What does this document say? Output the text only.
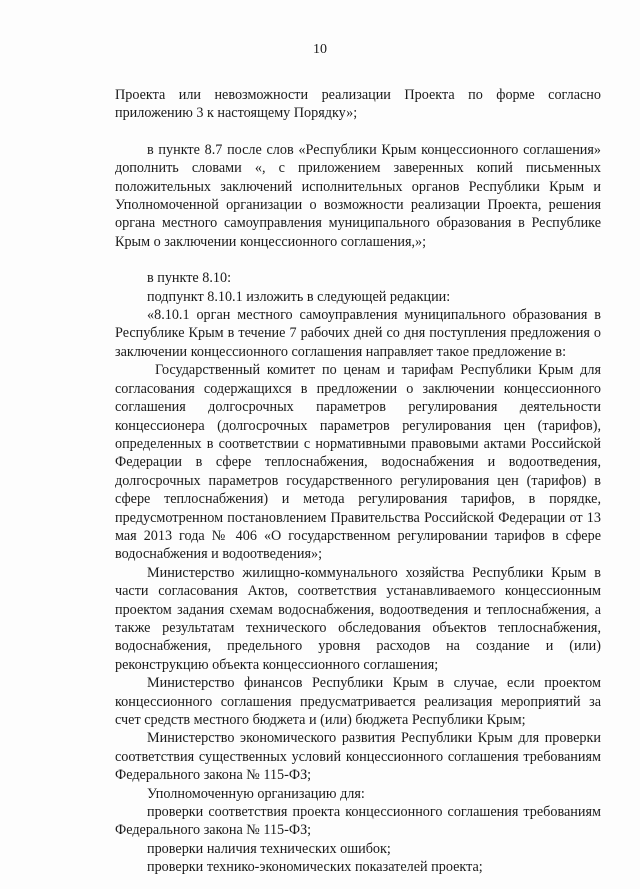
10

Проекта или невозможности реализации Проекта по форме согласно приложению 3 к настоящему Порядку»;

в пункте 8.7 после слов «Республики Крым концессионного соглашения» дополнить словами «, с приложением заверенных копий письменных положительных заключений исполнительных органов Республики Крым и Уполномоченной организации о возможности реализации Проекта, решения органа местного самоуправления муниципального образования в Республике Крым о заключении концессионного соглашения,»;

в пункте 8.10:

подпункт 8.10.1 изложить в следующей редакции:

«8.10.1 орган местного самоуправления муниципального образования в Республике Крым в течение 7 рабочих дней со дня поступления предложения о заключении концессионного соглашения направляет такое предложение в:

Государственный комитет по ценам и тарифам Республики Крым для согласования содержащихся в предложении о заключении концессионного соглашения долгосрочных параметров регулирования деятельности концессионера (долгосрочных параметров регулирования цен (тарифов), определенных в соответствии с нормативными правовыми актами Российской Федерации в сфере теплоснабжения, водоснабжения и водоотведения, долгосрочных параметров государственного регулирования цен (тарифов) в сфере теплоснабжения) и метода регулирования тарифов, в порядке, предусмотренном постановлением Правительства Российской Федерации от 13 мая 2013 года № 406 «О государственном регулировании тарифов в сфере водоснабжения и водоотведения»;

Министерство жилищно-коммунального хозяйства Республики Крым в части согласования Актов, соответствия устанавливаемого концессионным проектом задания схемам водоснабжения, водоотведения и теплоснабжения, а также результатам технического обследования объектов теплоснабжения, водоснабжения, предельного уровня расходов на создание и (или) реконструкцию объекта концессионного соглашения;

Министерство финансов Республики Крым в случае, если проектом концессионного соглашения предусматривается реализация мероприятий за счет средств местного бюджета и (или) бюджета Республики Крым;

Министерство экономического развития Республики Крым для проверки соответствия существенных условий концессионного соглашения требованиям Федерального закона № 115-ФЗ;

Уполномоченную организацию для:

проверки соответствия проекта концессионного соглашения требованиям Федерального закона № 115-ФЗ;

проверки наличия технических ошибок;

проверки технико-экономических показателей проекта;
